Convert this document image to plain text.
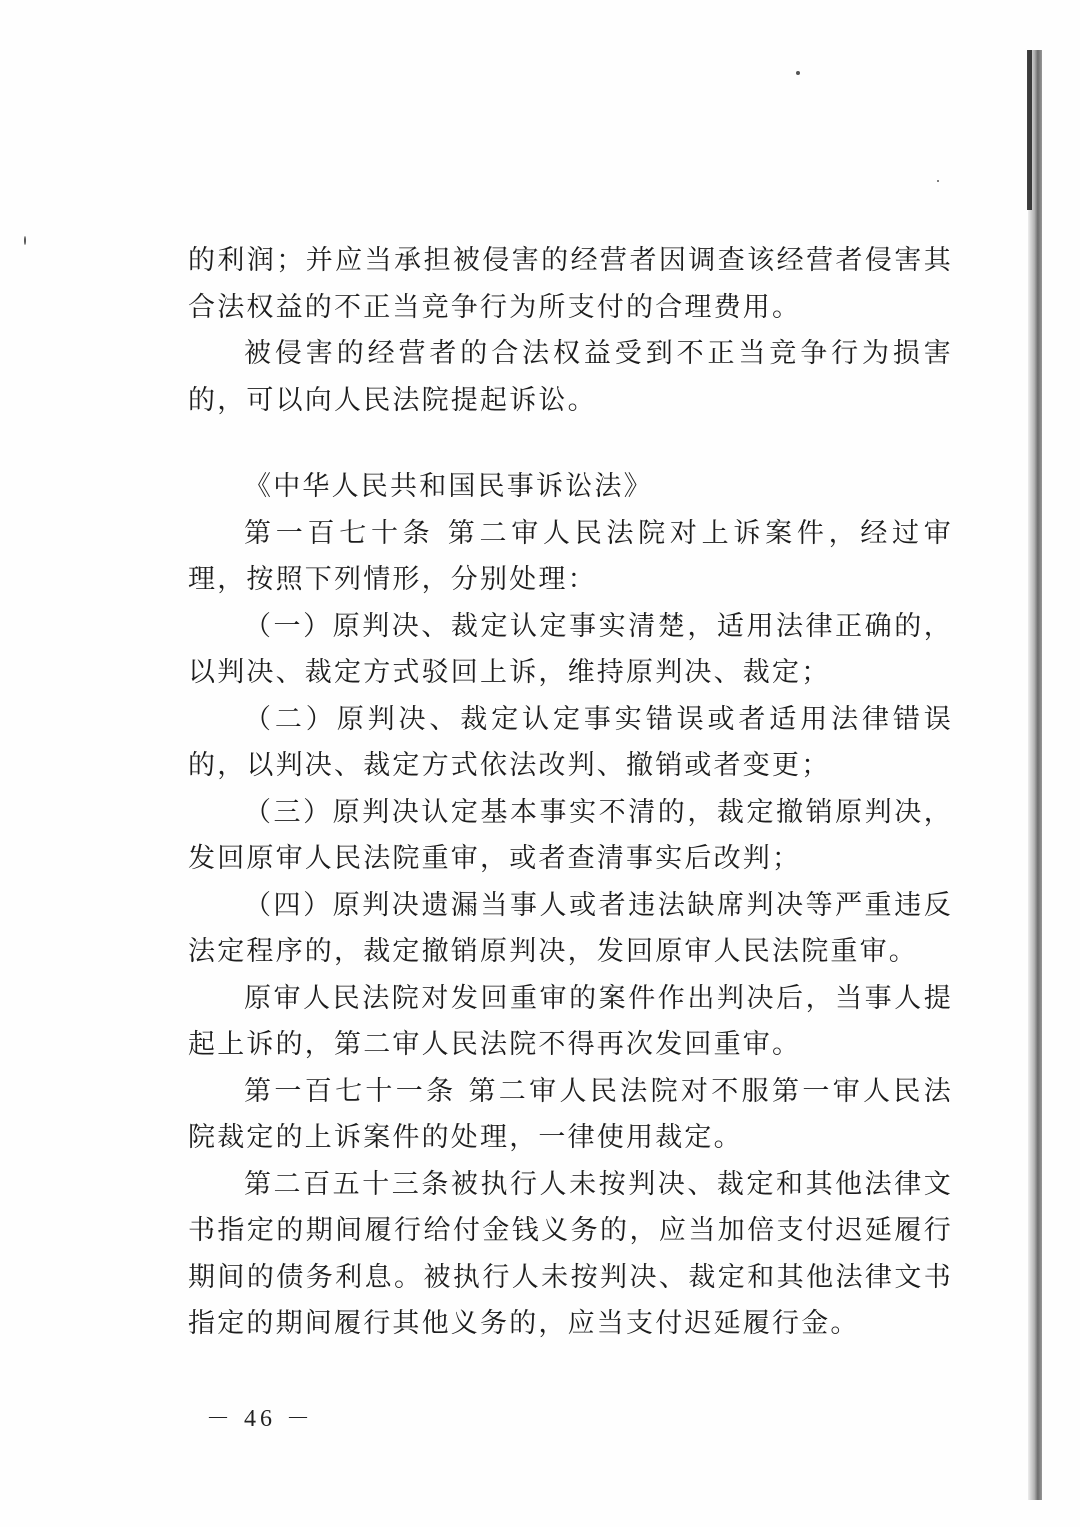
的利润；并应当承担被侵害的经营者因调查该经营者侵害其合法权益的不正当竞争行为所支付的合理费用。

被侵害的经营者的合法权益受到不正当竞争行为损害的，可以向人民法院提起诉讼。

《中华人民共和国民事诉讼法》

第一百七十条 第二审人民法院对上诉案件，经过审理，按照下列情形，分别处理：

（一）原判决、裁定认定事实清楚，适用法律正确的，以判决、裁定方式驳回上诉，维持原判决、裁定；

（二）原判决、裁定认定事实错误或者适用法律错误的，以判决、裁定方式依法改判、撤销或者变更；

（三）原判决认定基本事实不清的，裁定撤销原判决，发回原审人民法院重审，或者查清事实后改判；

（四）原判决遗漏当事人或者违法缺席判决等严重违反法定程序的，裁定撤销原判决，发回原审人民法院重审。

原审人民法院对发回重审的案件作出判决后，当事人提起上诉的，第二审人民法院不得再次发回重审。

第一百七十一条 第二审人民法院对不服第一审人民法院裁定的上诉案件的处理，一律使用裁定。

第二百五十三条被执行人未按判决、裁定和其他法律文书指定的期间履行给付金钱义务的，应当加倍支付迟延履行期间的债务利息。被执行人未按判决、裁定和其他法律文书指定的期间履行其他义务的，应当支付迟延履行金。

－ 46 －
